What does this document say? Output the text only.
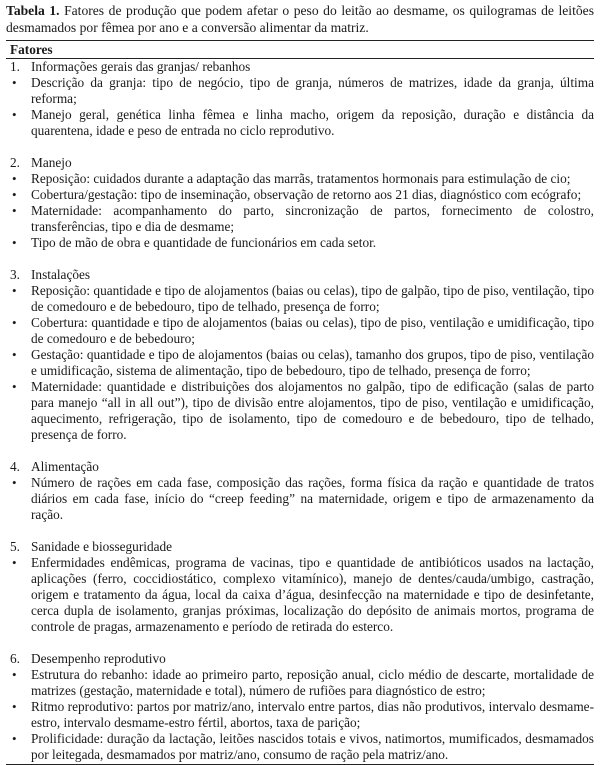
Tabela 1. Fatores de produção que podem afetar o peso do leitão ao desmame, os quilogramas de leitões desmamados por fêmea por ano e a conversão alimentar da matriz.

Fatores
1. Informações gerais das granjas/ rebanhos
• Descrição da granja: tipo de negócio, tipo de granja, números de matrizes, idade da granja, última reforma;
• Manejo geral, genética linha fêmea e linha macho, origem da reposição, duração e distância da quarentena, idade e peso de entrada no ciclo reprodutivo.
2. Manejo
• Reposição: cuidados durante a adaptação das marrãs, tratamentos hormonais para estimulação de cio;
• Cobertura/gestação: tipo de inseminação, observação de retorno aos 21 dias, diagnóstico com ecógrafo;
• Maternidade: acompanhamento do parto, sincronização de partos, fornecimento de colostro, transferências, tipo e dia de desmame;
• Tipo de mão de obra e quantidade de funcionários em cada setor.
3. Instalações
• Reposição: quantidade e tipo de alojamentos (baias ou celas), tipo de galpão, tipo de piso, ventilação, tipo de comedouro e de bebedouro, tipo de telhado, presença de forro;
• Cobertura: quantidade e tipo de alojamentos (baias ou celas), tipo de piso, ventilação e umidificação, tipo de comedouro e de bebedouro;
• Gestação: quantidade e tipo de alojamentos (baias ou celas), tamanho dos grupos, tipo de piso, ventilação e umidificação, sistema de alimentação, tipo de bebedouro, tipo de telhado, presença de forro;
• Maternidade: quantidade e distribuições dos alojamentos no galpão, tipo de edificação (salas de parto para manejo “all in all out”), tipo de divisão entre alojamentos, tipo de piso, ventilação e umidificação, aquecimento, refrigeração, tipo de isolamento, tipo de comedouro e de bebedouro, tipo de telhado, presença de forro.
4. Alimentação
• Número de rações em cada fase, composição das rações, forma física da ração e quantidade de tratos diários em cada fase, início do “creep feeding” na maternidade, origem e tipo de armazenamento da ração.
5. Sanidade e biosseguridade
• Enfermidades endêmicas, programa de vacinas, tipo e quantidade de antibióticos usados na lactação, aplicações (ferro, coccidiostático, complexo vitamínico), manejo de dentes/cauda/umbigo, castração, origem e tratamento da água, local da caixa d’água, desinfecção na maternidade e tipo de desinfetante, cerca dupla de isolamento, granjas próximas, localização do depósito de animais mortos, programa de controle de pragas, armazenamento e período de retirada do esterco.
6. Desempenho reprodutivo
• Estrutura do rebanho: idade ao primeiro parto, reposição anual, ciclo médio de descarte, mortalidade de matrizes (gestação, maternidade e total), número de rufiões para diagnóstico de estro;
• Ritmo reprodutivo: partos por matriz/ano, intervalo entre partos, dias não produtivos, intervalo desmame-estro, intervalo desmame-estro fértil, abortos, taxa de parição;
• Prolificidade: duração da lactação, leitões nascidos totais e vivos, natimortos, mumificados, desmamados por leitegada, desmamados por matriz/ano, consumo de ração pela matriz/ano.
